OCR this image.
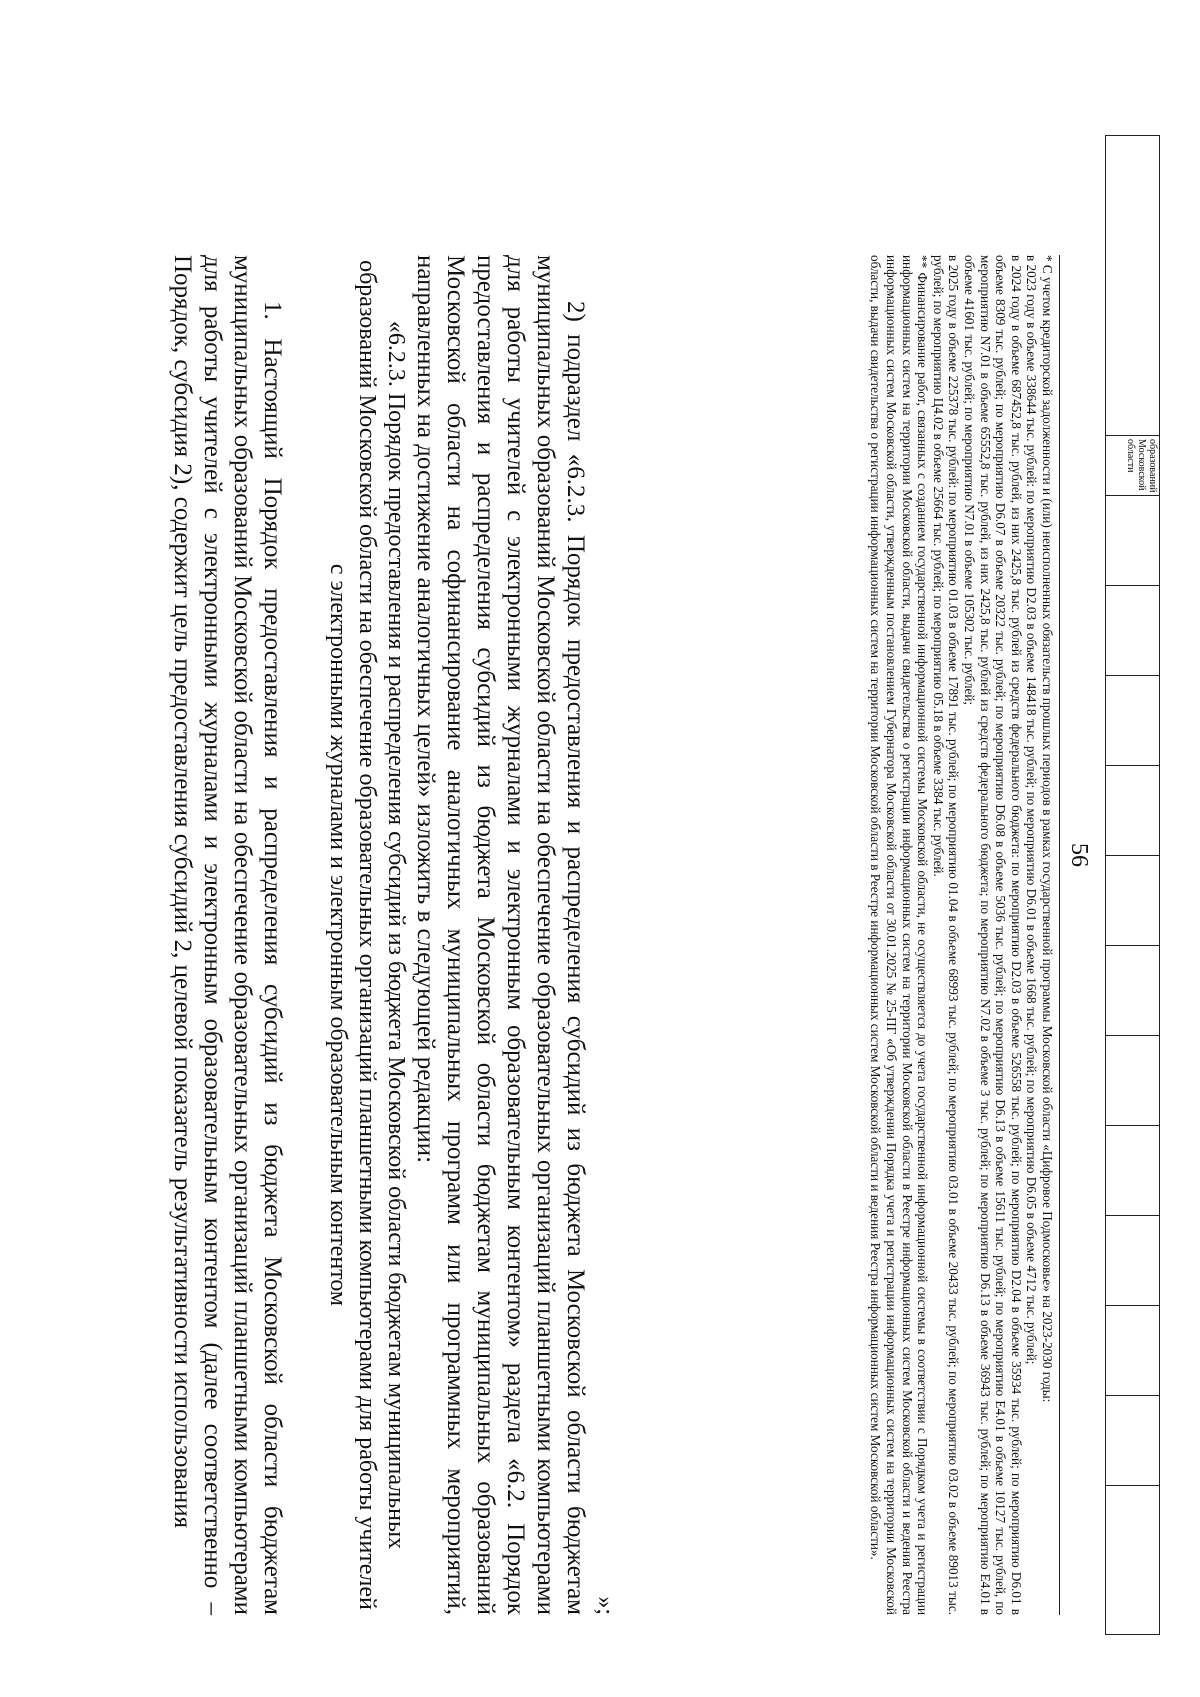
образований Московской области
56

* С учетом кредиторской задолженности и (или) неисполненных обязательств прошлых периодов в рамках государственной программы Московской области «Цифровое Подмосковье» на 2023-2030 годы:

в 2023 году в объеме 338644 тыс. рублей: по мероприятию D2.03 в объеме 148418 тыс. рублей; по мероприятию D6.01 в объеме 1668 тыс. рублей; по мероприятию D6.05 в объеме 4712 тыс. рублей;

в 2024 году в объеме 687452,8 тыс. рублей, из них 2425,8 тыс. рублей из средств федерального бюджета: по мероприятию D2.03 в объеме 526558 тыс. рублей; по мероприятию D2.04 в объеме 35934 тыс. рублей; по мероприятию D6.01 в объеме 8309 тыс. рублей; по мероприятию D6.07 в объеме 20322 тыс. рублей; по мероприятию D6.08 в объеме 5036 тыс. рублей; по мероприятию D6.13 в объеме 15611 тыс. рублей; по мероприятию E4.01 в объеме 10127 тыс. рублей, по мероприятию N7.01 в объеме 65552,8 тыс. рублей, из них 2425,8 тыс. рублей из средств федерального бюджета; по мероприятию N7.02 в объеме 3 тыс. рублей; по мероприятию D6.13 в объеме 36943 тыс. рублей; по мероприятию E4.01 в объеме 41601 тыс. рублей; по мероприятию N7.01 в объеме 105302 тыс. рублей;

в 2025 году в объеме 225378 тыс. рублей: по мероприятию 01.03 в объеме 17891 тыс. рублей; по мероприятию 01.04 в объеме 68993 тыс. рублей; по мероприятию 03.01 в объеме 20433 тыс. рублей; по мероприятию 03.02 в объеме 89013 тыс. рублей; по мероприятию Ц4.02 в объеме 25664 тыс. рублей; по мероприятию 05.18 в объеме 3384 тыс. рублей.

** Финансирование работ, связанных с созданием государственной информационной системы Московской области, не осуществляется до учета государственной информационной системы в соответствии с Порядком учета и регистрации информационных систем на территории Московской области, выдачи свидетельства о регистрации информационных систем на территории Московской области в Реестре информационных систем Московской области и ведения Реестра информационных систем Московской области, утвержденным постановлением Губернатора Московской области от 30.01.2025 № 25-ПГ «Об утверждении Порядка учета и регистрации информационных систем на территории Московской области, выдачи свидетельства о регистрации информационных систем на территории Московской области в Реестре информационных систем Московской области и ведения Реестра информационных систем Московской области».

»;

2) подраздел «6.2.3. Порядок предоставления и распределения субсидий из бюджета Московской области бюджетам муниципальных образований Московской области на обеспечение образовательных организаций планшетными компьютерами для работы учителей с электронными журналами и электронным образовательным контентом» раздела «6.2. Порядок предоставления и распределения субсидий из бюджета Московской области бюджетам муниципальных образований Московской области на софинансирование аналогичных муниципальных программ или программных мероприятий, направленных на достижение аналогичных целей» изложить в следующей редакции:

«6.2.3. Порядок предоставления и распределения субсидий из бюджета Московской области бюджетам муниципальных образований Московской области на обеспечение образовательных организаций планшетными компьютерами для работы учителей с электронными журналами и электронным образовательным контентом

1. Настоящий Порядок предоставления и распределения субсидий из бюджета Московской области бюджетам муниципальных образований Московской области на обеспечение образовательных организаций планшетными компьютерами для работы учителей с электронными журналами и электронным образовательным контентом (далее соответственно – Порядок, субсидия 2), содержит цель предоставления субсидий 2, целевой показатель результативности использования
